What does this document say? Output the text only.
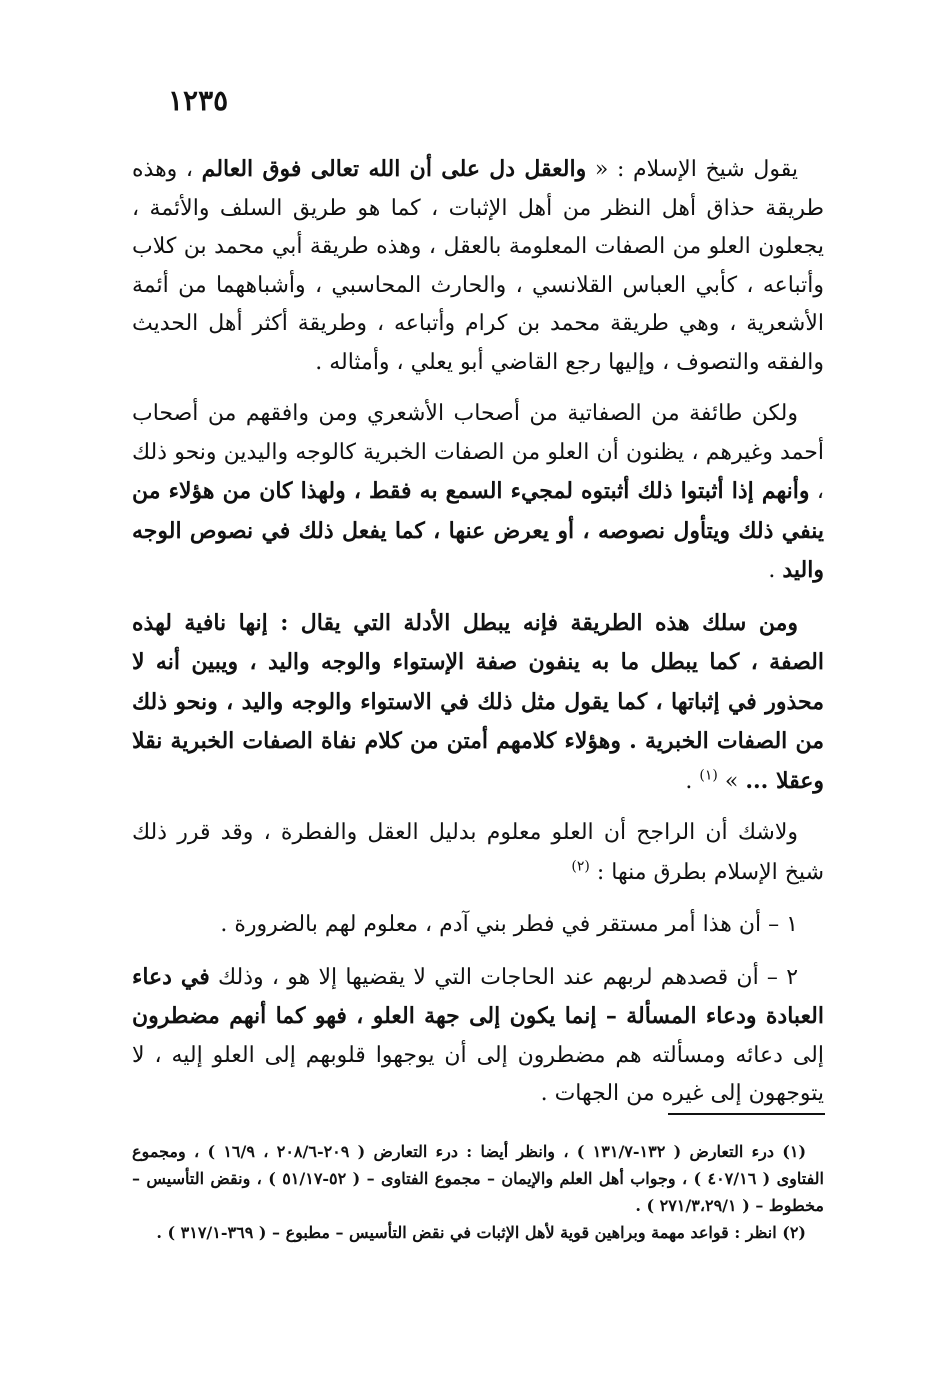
١٢٣٥

يقول شيخ الإسلام : « والعقل دل على أن الله تعالى فوق العالم ، وهذه طريقة حذاق أهل النظر من أهل الإثبات ، كما هو طريق السلف والأئمة ، يجعلون العلو من الصفات المعلومة بالعقل ، وهذه طريقة أبي محمد بن كلاب وأتباعه ، كأبي العباس القلانسي ، والحارث المحاسبي ، وأشباههما من أئمة الأشعرية ، وهي طريقة محمد بن كرام وأتباعه ، وطريقة أكثر أهل الحديث والفقه والتصوف ، وإليها رجع القاضي أبو يعلي ، وأمثاله .

ولكن طائفة من الصفاتية من أصحاب الأشعري ومن وافقهم من أصحاب أحمد وغيرهم ، يظنون أن العلو من الصفات الخبرية كالوجه واليدين ونحو ذلك ، وأنهم إذا أثبتوا ذلك أثبتوه لمجيء السمع به فقط ، ولهذا كان من هؤلاء من ينفي ذلك ويتأول نصوصه ، أو يعرض عنها ، كما يفعل ذلك في نصوص الوجه واليد .

ومن سلك هذه الطريقة فإنه يبطل الأدلة التي يقال : إنها نافية لهذه الصفة ، كما يبطل ما به ينفون صفة الإستواء والوجه واليد ، ويبين أنه لا محذور في إثباتها ، كما يقول مثل ذلك في الاستواء والوجه واليد ، ونحو ذلك من الصفات الخبرية . وهؤلاء كلامهم أمتن من كلام نفاة الصفات الخبرية نقلا وعقلا ... » $^{(١)}$ .

ولاشك أن الراجح أن العلو معلوم بدليل العقل والفطرة ، وقد قرر ذلك شيخ الإسلام بطرق منها : $^{(٢)}$

١ – أن هذا أمر مستقر في فطر بني آدم ، معلوم لهم بالضرورة .

٢ – أن قصدهم لربهم عند الحاجات التي لا يقضيها إلا هو ، وذلك في دعاء العبادة ودعاء المسألة – إنما يكون إلى جهة العلو ، فهو كما أنهم مضطرون إلى دعائه ومسألته هم مضطرون إلى أن يوجهوا قلوبهم إلى العلو إليه ، لا يتوجهون إلى غيره من الجهات .

(١) درء التعارض ( ١٣٢-١٣١/٧ ) ، وانظر أيضا : درء التعارض ( ٢٠٩-٢٠٨/٦ ، ١٦/٩ ) ، ومجموع الفتاوى ( ٤٠٧/١٦ ) ، وجواب أهل العلم والإيمان – مجموع الفتاوى – ( ٥٢-٥١/١٧ ) ، ونقض التأسيس – مخطوط – ( ٢٧١/٣،٢٩/١ ) .

(٢) انظر : قواعد مهمة وبراهين قوية لأهل الإثبات في نقض التأسيس – مطبوع – ( ٣٦٩-٣١٧/١ ) .
